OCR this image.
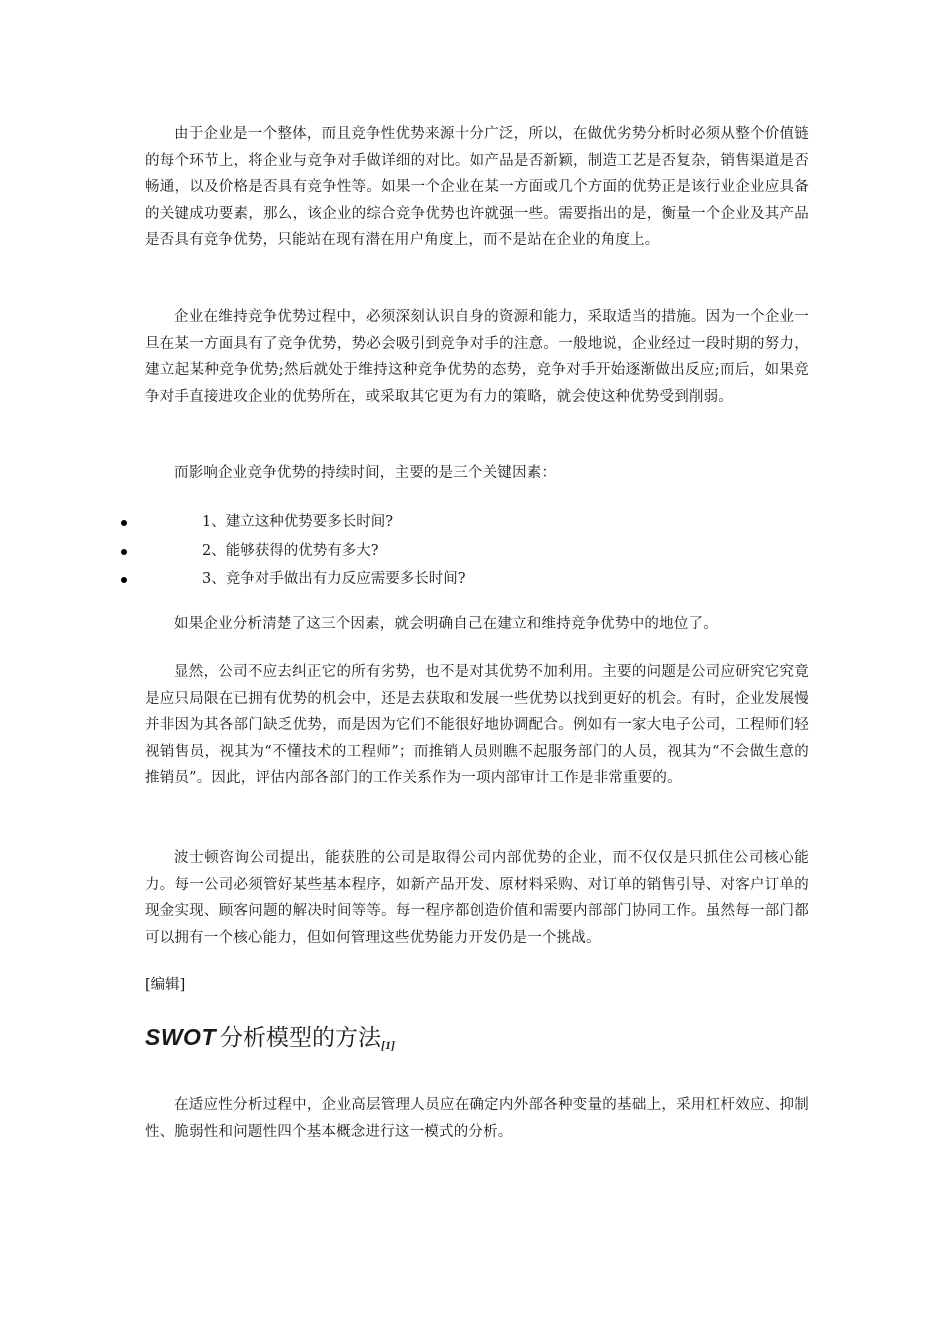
由于企业是一个整体，而且竞争性优势来源十分广泛，所以，在做优劣势分析时必须从整个价值链的每个环节上，将企业与竞争对手做详细的对比。如产品是否新颖，制造工艺是否复杂，销售渠道是否畅通，以及价格是否具有竞争性等。如果一个企业在某一方面或几个方面的优势正是该行业企业应具备的关键成功要素，那么，该企业的综合竞争优势也许就强一些。需要指出的是，衡量一个企业及其产品是否具有竞争优势，只能站在现有潜在用户角度上，而不是站在企业的角度上。

企业在维持竞争优势过程中，必须深刻认识自身的资源和能力，采取适当的措施。因为一个企业一旦在某一方面具有了竞争优势，势必会吸引到竞争对手的注意。一般地说，企业经过一段时期的努力，建立起某种竞争优势;然后就处于维持这种竞争优势的态势，竞争对手开始逐渐做出反应;而后，如果竞争对手直接进攻企业的优势所在，或采取其它更为有力的策略，就会使这种优势受到削弱。

而影响企业竞争优势的持续时间，主要的是三个关键因素：

1、建立这种优势要多长时间?
2、能够获得的优势有多大?
3、竞争对手做出有力反应需要多长时间?

如果企业分析清楚了这三个因素，就会明确自己在建立和维持竞争优势中的地位了。

显然，公司不应去纠正它的所有劣势，也不是对其优势不加利用。主要的问题是公司应研究它究竟是应只局限在已拥有优势的机会中，还是去获取和发展一些优势以找到更好的机会。有时，企业发展慢并非因为其各部门缺乏优势，而是因为它们不能很好地协调配合。例如有一家大电子公司，工程师们轻视销售员，视其为“不懂技术的工程师”；而推销人员则瞧不起服务部门的人员，视其为“不会做生意的推销员”。因此，评估内部各部门的工作关系作为一项内部审计工作是非常重要的。

波士顿咨询公司提出，能获胜的公司是取得公司内部优势的企业，而不仅仅是只抓住公司核心能力。每一公司必须管好某些基本程序，如新产品开发、原材料采购、对订单的销售引导、对客户订单的现金实现、顾客问题的解决时间等等。每一程序都创造价值和需要内部部门协同工作。虽然每一部门都可以拥有一个核心能力，但如何管理这些优势能力开发仍是一个挑战。

[编辑]
SWOT 分析模型的方法[1]

在适应性分析过程中，企业高层管理人员应在确定内外部各种变量的基础上，采用杠杆效应、抑制性、脆弱性和问题性四个基本概念进行这一模式的分析。
